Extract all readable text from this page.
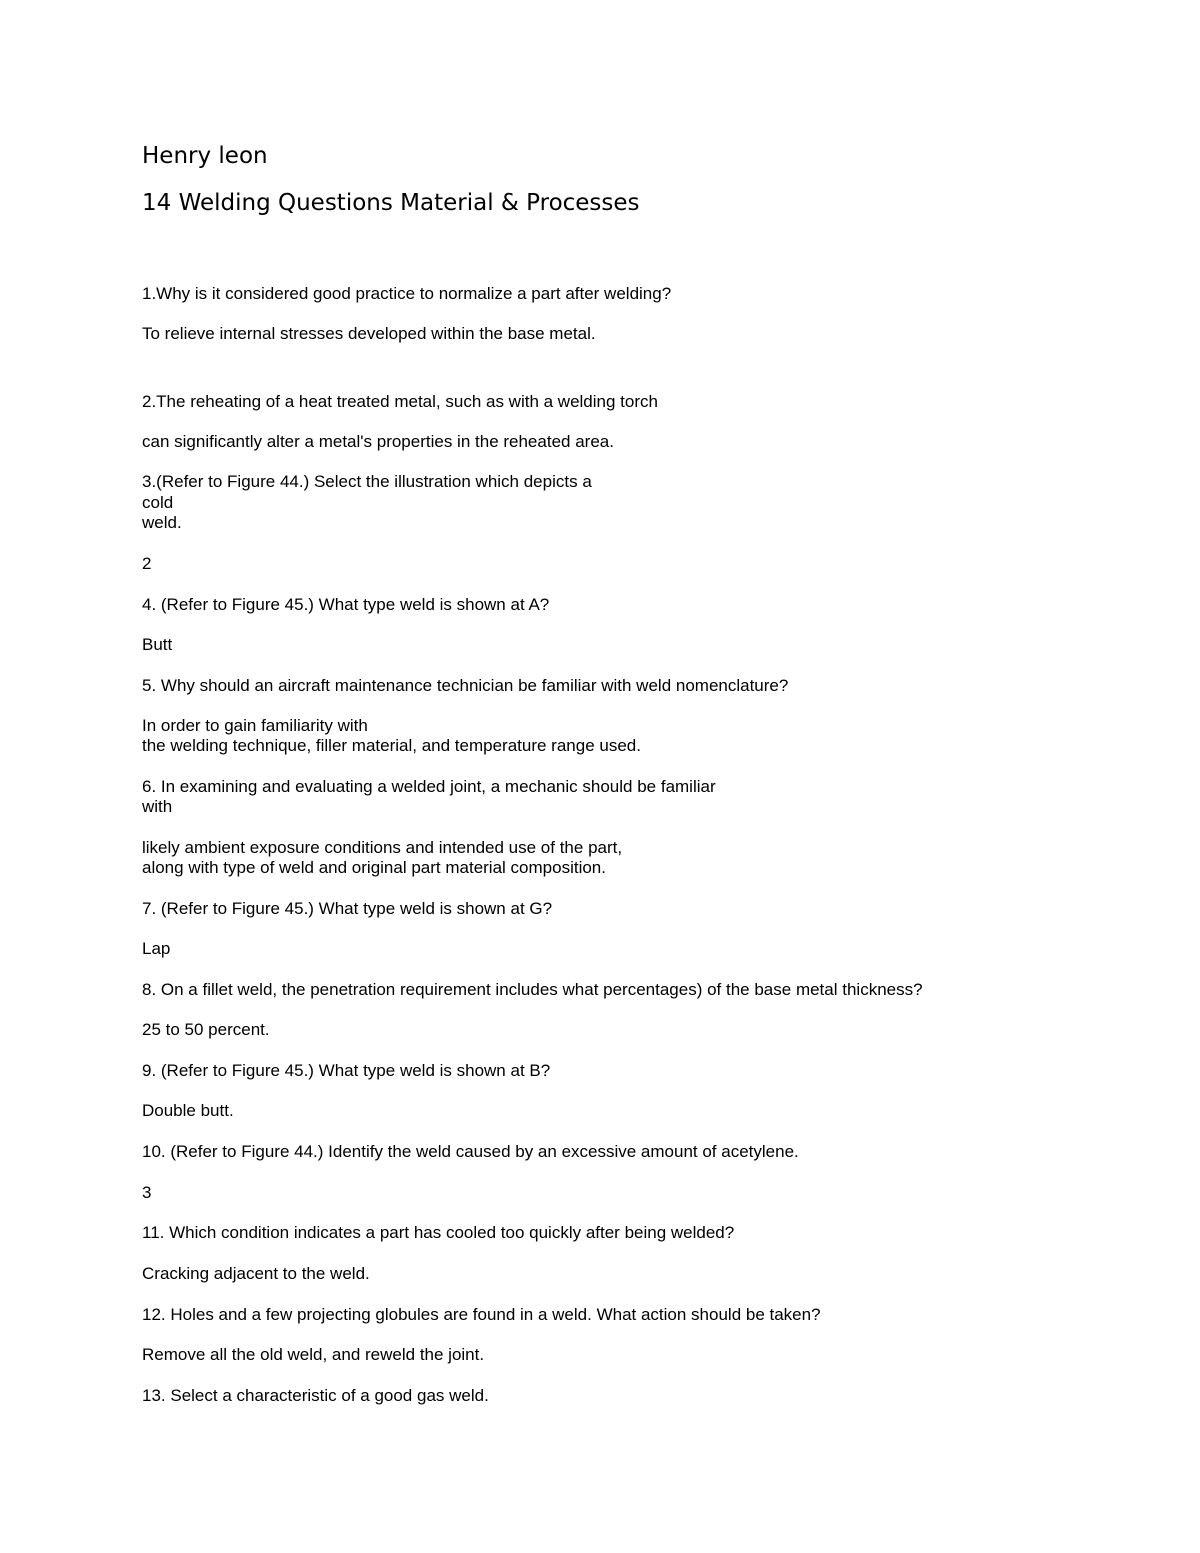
Henry leon
14 Welding Questions Material & Processes

1.Why is it considered good practice to normalize a part after welding?

To relieve internal stresses developed within the base metal.

2.The reheating of a heat treated metal, such as with a welding torch

can significantly alter a metal's properties in the reheated area.

3.(Refer to Figure 44.) Select the illustration which depicts a

cold

weld.

2

4. (Refer to Figure 45.) What type weld is shown at A?

Butt

5. Why should an aircraft maintenance technician be familiar with weld nomenclature?

In order to gain familiarity with

the welding technique, filler material, and temperature range used.

6. In examining and evaluating a welded joint, a mechanic should be familiar

with

likely ambient exposure conditions and intended use of the part,

along with type of weld and original part material composition.

7. (Refer to Figure 45.) What type weld is shown at G?

Lap

8. On a fillet weld, the penetration requirement includes what percentages) of the base metal thickness?

25 to 50 percent.

9. (Refer to Figure 45.) What type weld is shown at B?

Double butt.

10. (Refer to Figure 44.) Identify the weld caused by an excessive amount of acetylene.

3

11. Which condition indicates a part has cooled too quickly after being welded?

Cracking adjacent to the weld.

12. Holes and a few projecting globules are found in a weld. What action should be taken?

Remove all the old weld, and reweld the joint.

13. Select a characteristic of a good gas weld.
